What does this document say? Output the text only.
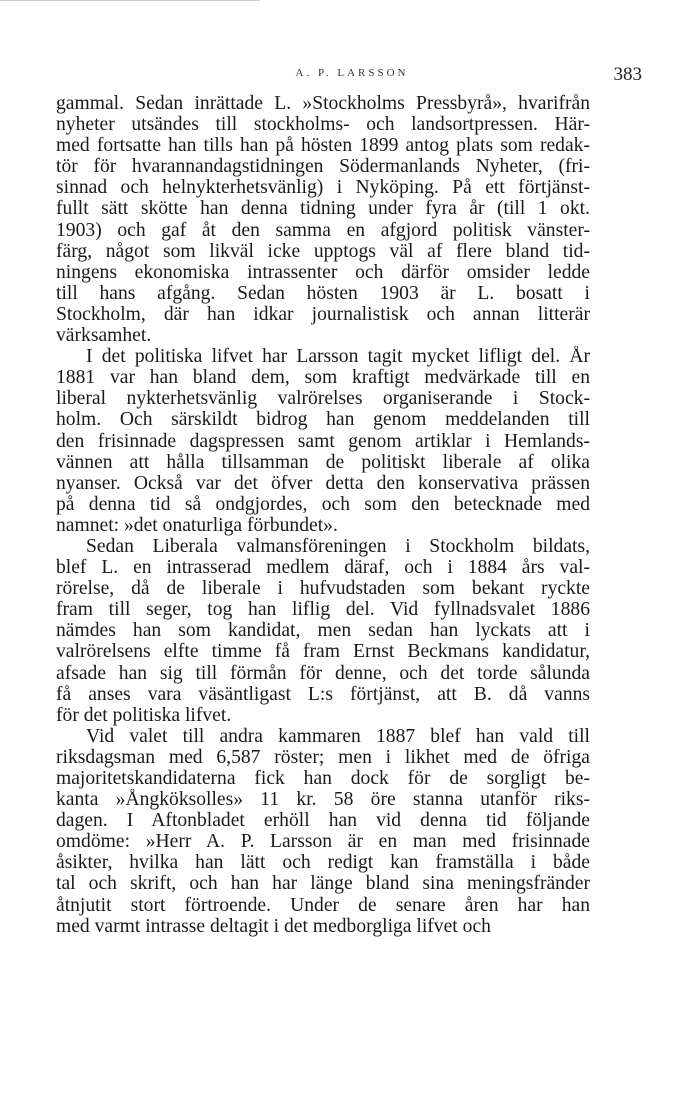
A. P. LARSSON	383

gammal. Sedan inrättade L. »Stockholms Pressbyrå», hvarifrån
nyheter utsändes till stockholms- och landsortpressen. Här-
med fortsatte han tills han på hösten 1899 antog plats som redak-
tör för hvarannandagstidningen Södermanlands Nyheter, (fri-
sinnad och helnykterhetsvänlig) i Nyköping. På ett förtjänst-
fullt sätt skötte han denna tidning under fyra år (till 1 okt.
1903) och gaf åt den samma en afgjord politisk vänster-
färg, något som likväl icke upptogs väl af flere bland tid-
ningens ekonomiska intrassenter och därför omsider ledde
till hans afgång. Sedan hösten 1903 är L. bosatt i
Stockholm, där han idkar journalistisk och annan litterär
värksamhet.

I det politiska lifvet har Larsson tagit mycket lifligt del. År
1881 var han bland dem, som kraftigt medvärkade till en
liberal nykterhetsvänlig valrörelses organiserande i Stock-
holm. Och särskildt bidrog han genom meddelanden till
den frisinnade dagspressen samt genom artiklar i Hemlands-
vännen att hålla tillsamman de politiskt liberale af olika
nyanser. Också var det öfver detta den konservativa prässen
på denna tid så ondgjordes, och som den betecknade med
namnet: »det onaturliga förbundet».

Sedan Liberala valmansföreningen i Stockholm bildats,
blef L. en intrasserad medlem däraf, och i 1884 års val-
rörelse, då de liberale i hufvudstaden som bekant ryckte
fram till seger, tog han liflig del. Vid fyllnadsvalet 1886
nämdes han som kandidat, men sedan han lyckats att i
valrörelsens elfte timme få fram Ernst Beckmans kandidatur,
afsade han sig till förmån för denne, och det torde sålunda
få anses vara väsäntligast L:s förtjänst, att B. då vanns
för det politiska lifvet.

Vid valet till andra kammaren 1887 blef han vald till
riksdagsman med 6,587 röster; men i likhet med de öfriga
majoritetskandidaterna fick han dock för de sorgligt be-
kanta »Ångköksolles» 11 kr. 58 öre stanna utanför riks-
dagen. I Aftonbladet erhöll han vid denna tid följande
omdöme: »Herr A. P. Larsson är en man med frisinnade
åsikter, hvilka han lätt och redigt kan framställa i både
tal och skrift, och han har länge bland sina meningsfränder
åtnjutit stort förtroende. Under de senare åren har han
med varmt intrasse deltagit i det medborgliga lifvet och
